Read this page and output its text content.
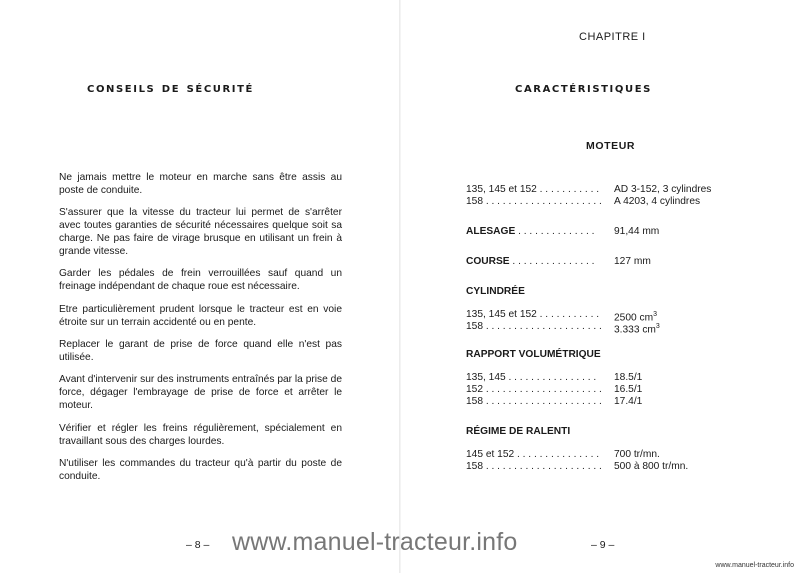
conseils de sécurité

Ne jamais mettre le moteur en marche sans être assis au poste de conduite.

S'assurer que la vitesse du tracteur lui permet de s'arrêter avec toutes garanties de sécurité nécessaires quelque soit sa charge. Ne pas faire de virage brusque en utilisant un frein à grande vitesse.

Garder les pédales de frein verrouillées sauf quand un freinage indépendant de chaque roue est nécessaire.

Etre particulièrement prudent lorsque le tracteur est en voie étroite sur un terrain accidenté ou en pente.

Replacer le garant de prise de force quand elle n'est pas utilisée.

Avant d'intervenir sur des instruments entraînés par la prise de force, dégager l'embrayage de prise de force et arrêter le moteur.

Vérifier et régler les freins régulièrement, spécialement en travaillant sous des charges lourdes.

N'utiliser les commandes du tracteur qu'à partir du poste de conduite.

– 8 –
CHAPITRE I
caractéristiques
MOTEUR
135, 145 et 152 . . . . . . . . . . .	AD 3-152, 3 cylindres
158 . . . . . . . . . . . . . . . . . . . . .	A 4203, 4 cylindres
ALESAGE . . . . . . . . . . . . . .	91,44 mm
COURSE . . . . . . . . . . . . . . .	127 mm
CYLINDRÉE
135, 145 et 152 . . . . . . . . . . .	2500 $cm^3$
158 . . . . . . . . . . . . . . . . . . . . .	3.333 $cm^3$
RAPPORT VOLUMÉTRIQUE
135, 145 . . . . . . . . . . . . . . . .	18.5/1
152 . . . . . . . . . . . . . . . . . . . . .	16.5/1
158 . . . . . . . . . . . . . . . . . . . . .	17.4/1
RÉGIME DE RALENTI
145 et 152 . . . . . . . . . . . . . . .	700 tr/mn.
158 . . . . . . . . . . . . . . . . . . . . .	500 à 800 tr/mn.
– 9 –
www.manuel-tracteur.info
www.manuel-tracteur.info
